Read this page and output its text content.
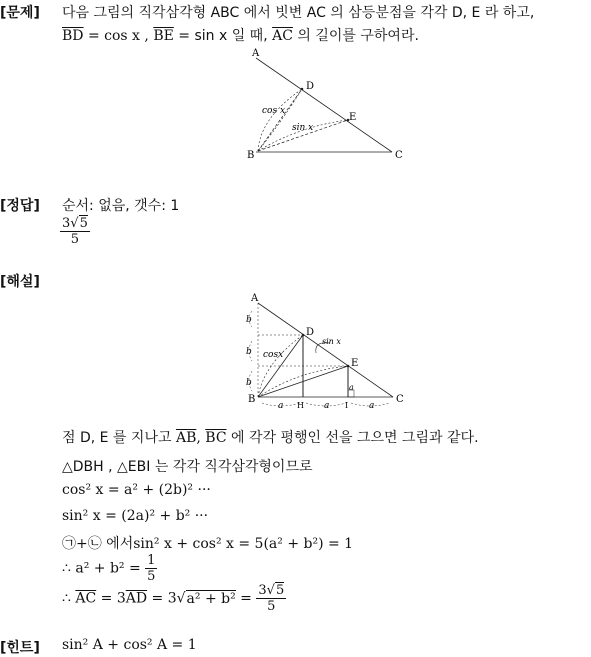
[문제] 다음 그림의 직각삼각형 ABC 에서 빗변 AC 의 삼등분점을 각각 D, E 라 하고,
$\overline{BD} = \cos x$ , $\overline{BE} = \sin x$ 일 때, $\overline{AC}$ 의 길이를 구하여라.
A
D
E
B	C
cos x
sin x
[정답] 순서: 없음, 갯수: 1
$\frac{3√5}{5}$
[해설]
A
D
E
B	C
H	I
b
b
b
a	a	a
a
cosx
sin x
점 D, E 를 지나고 $\overline{AB}$, $\overline{BC}$ 에 각각 평행인 선을 그으면 그림과 같다.
△DBH , △EBI 는 각각 직각삼각형이므로
cos² x = a² + (2b)² ···
sin² x = (2a)² + b² ···
㉠+㉡ 에서sin² x + cos² x = 5(a² + b²) = 1
∴ $a^2 + b^2 = \frac{1}{5}$
∴ $\overline{AC} = 3\overline{AD} = 3√a^2 + b^2 = \frac{3√5}{5}$
[힌트] sin² A + cos² A = 1
